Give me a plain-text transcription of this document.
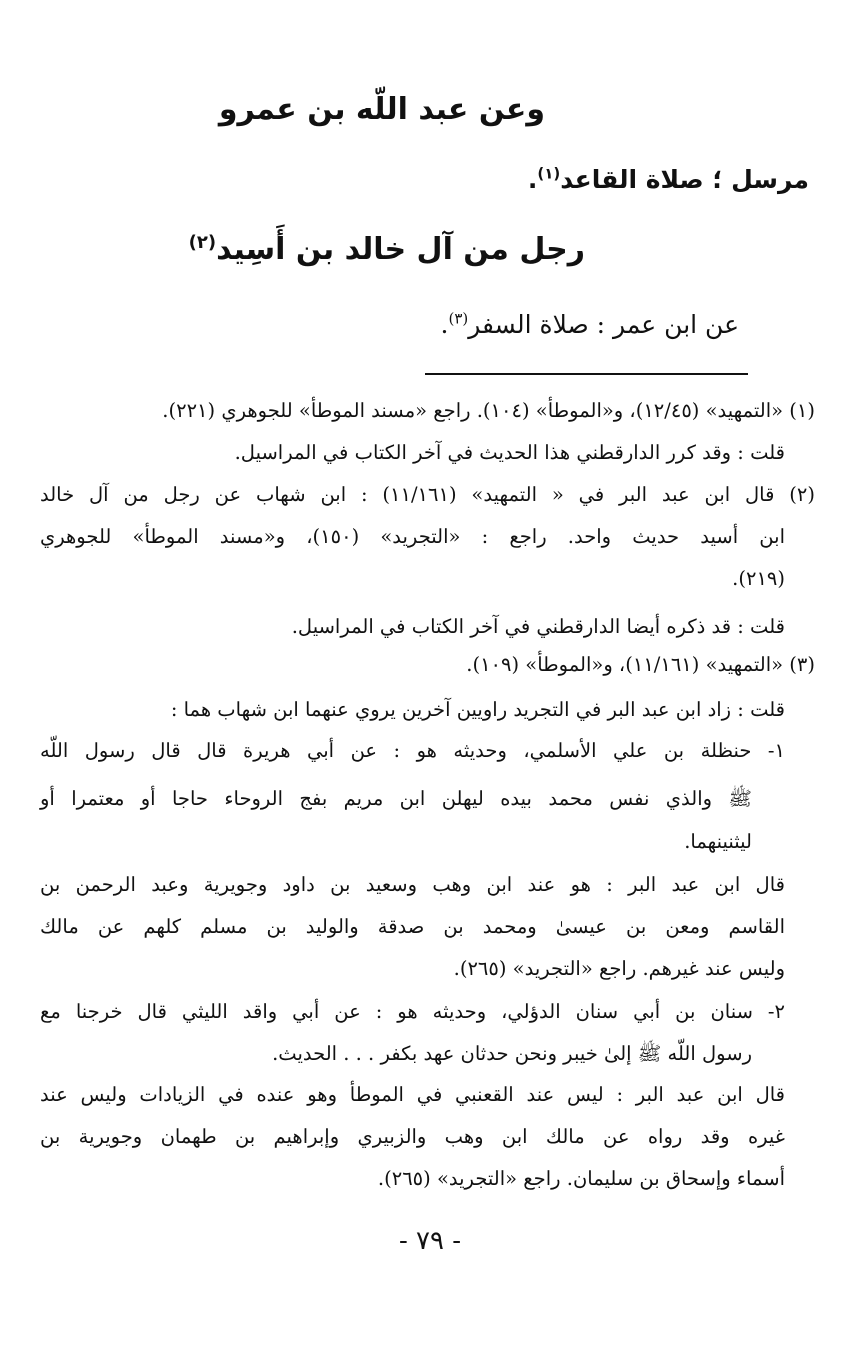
وعن عبد اللّه بن عمرو
مرسل ؛ صلاة القاعد$^{(١)}$.
رجل من آل خالد بن أَسِيد$^{(٢)}$
عن ابن عمر : صلاة السفر$^{(٣)}$.
(١) «التمهيد» (١٢/٤٥)، و«الموطأ» (١٠٤). راجع «مسند الموطأ» للجوهري (٢٢١).
قلت : وقد كرر الدارقطني هذا الحديث في آخر الكتاب في المراسيل.
(٢) قال ابن عبد البر في « التمهيد» (١١/١٦١) : ابن شهاب عن رجل من آل خالد
ابن أسيد حديث واحد. راجع : «التجريد» (١٥٠)، و«مسند الموطأ» للجوهري
(٢١٩).
قلت : قد ذكره أيضا الدارقطني في آخر الكتاب في المراسيل.
(٣) «التمهيد» (١١/١٦١)، و«الموطأ» (١٠٩).
قلت : زاد ابن عبد البر في التجريد راويين آخرين يروي عنهما ابن شهاب هما :
١- حنظلة بن علي الأسلمي، وحديثه هو : عن أبي هريرة قال قال رسول اللّه
ﷺ والذي نفس محمد بيده ليهلن ابن مريم بفج الروحاء حاجا أو معتمرا أو
ليثنينهما.
قال ابن عبد البر : هو عند ابن وهب وسعيد بن داود وجويرية وعبد الرحمن بن
القاسم ومعن بن عيسىٰ ومحمد بن صدقة والوليد بن مسلم كلهم عن مالك
وليس عند غيرهم. راجع «التجريد» (٢٦٥).
٢- سنان بن أبي سنان الدؤلي، وحديثه هو : عن أبي واقد الليثي قال خرجنا مع
رسول اللّه ﷺ إلىٰ خيبر ونحن حدثان عهد بكفر . . . الحديث.
قال ابن عبد البر : ليس عند القعنبي في الموطأ وهو عنده في الزيادات وليس عند
غيره وقد رواه عن مالك ابن وهب والزبيري وإبراهيم بن طهمان وجويرية بن
أسماء وإسحاق بن سليمان. راجع «التجريد» (٢٦٥).
- ٧٩ -
